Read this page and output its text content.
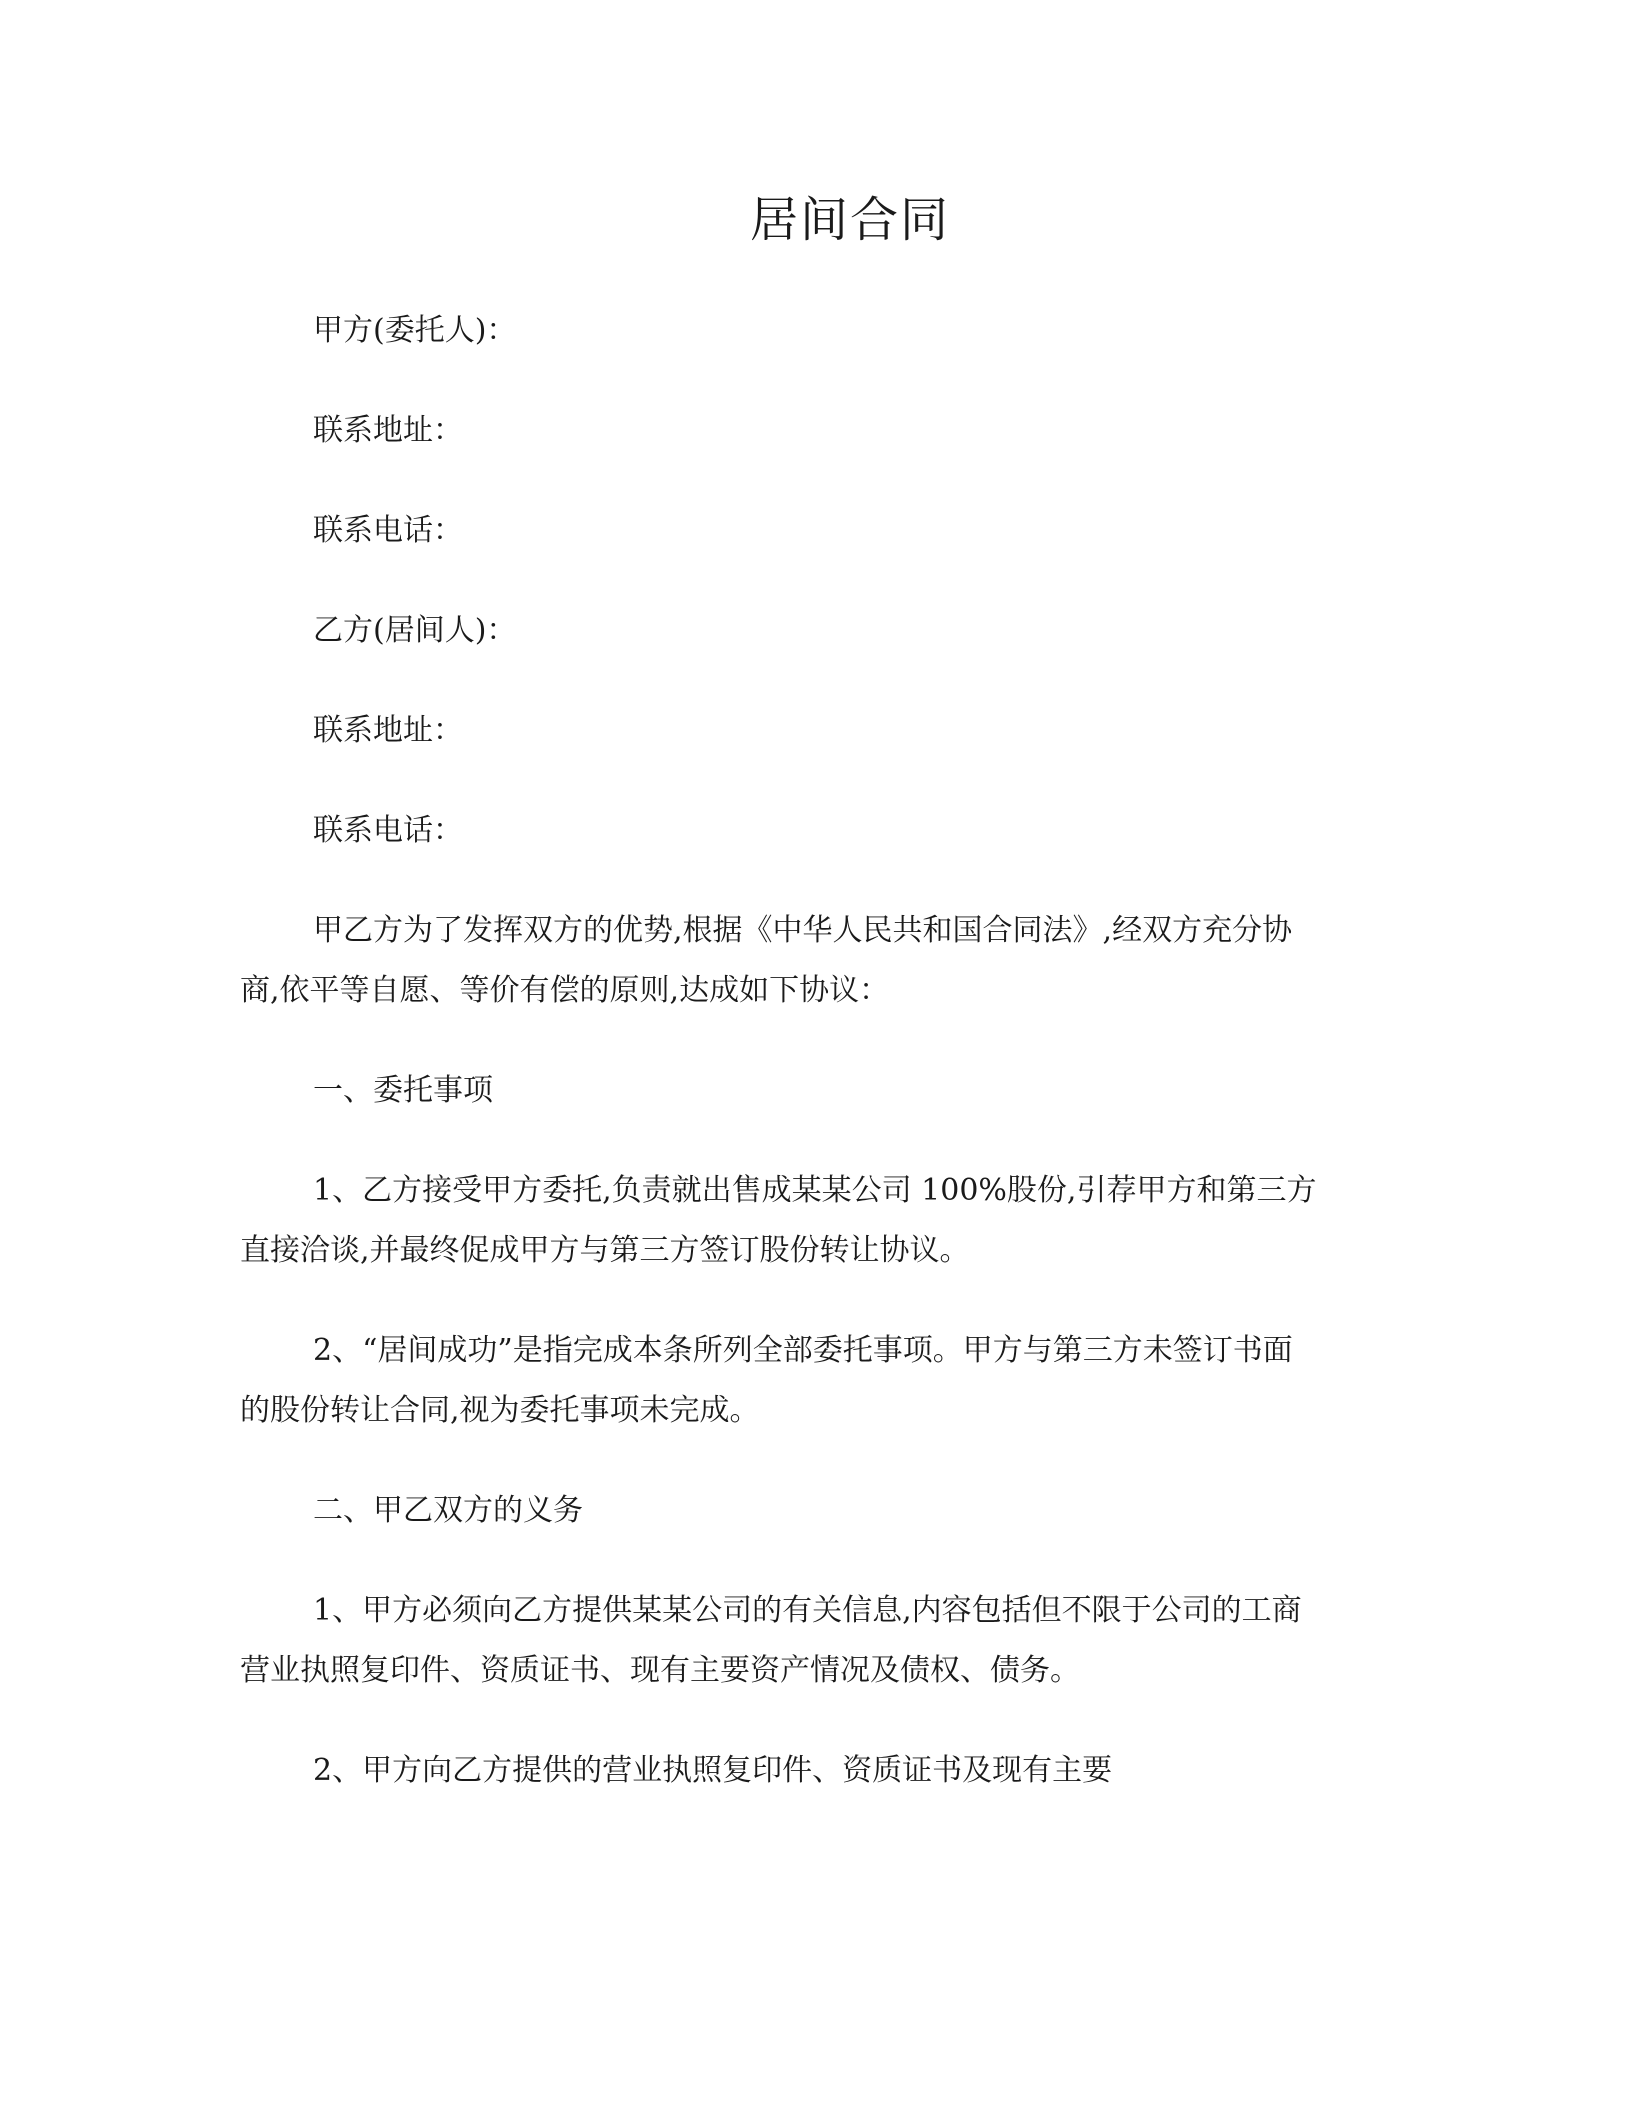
居间合同

甲方(委托人)：

联系地址：

联系电话：

乙方(居间人)：

联系地址：

联系电话：

甲乙方为了发挥双方的优势,根据《中华人民共和国合同法》,经双方充分协

商,依平等自愿、等价有偿的原则,达成如下协议：

一、委托事项

1、乙方接受甲方委托,负责就出售成某某公司 100%股份,引荐甲方和第三方

直接洽谈,并最终促成甲方与第三方签订股份转让协议。

2、“居间成功”是指完成本条所列全部委托事项。甲方与第三方未签订书面

的股份转让合同,视为委托事项未完成。

二、甲乙双方的义务

1、甲方必须向乙方提供某某公司的有关信息,内容包括但不限于公司的工商

营业执照复印件、资质证书、现有主要资产情况及债权、债务。

2、甲方向乙方提供的营业执照复印件、资质证书及现有主要
